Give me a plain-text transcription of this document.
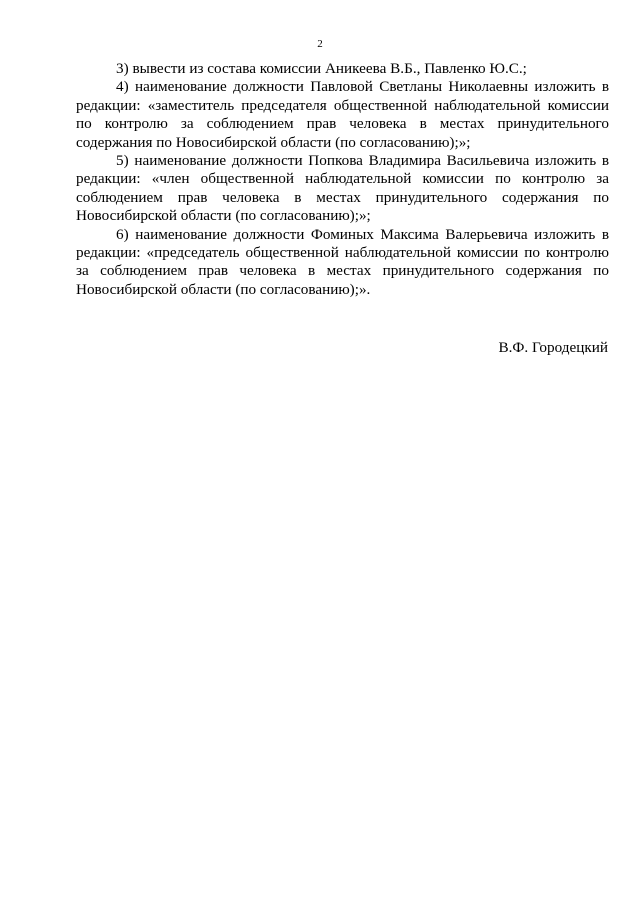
2

3) вывести из состава комиссии Аникеева В.Б., Павленко Ю.С.;

4) наименование должности Павловой Светланы Николаевны изложить в редакции: «заместитель председателя общественной наблюдательной комиссии по контролю за соблюдением прав человека в местах принудительного содержания по Новосибирской области (по согласованию);»;

5) наименование должности Попкова Владимира Васильевича изложить в редакции: «член общественной наблюдательной комиссии по контролю за соблюдением прав человека в местах принудительного содержания по Новосибирской области (по согласованию);»;

6) наименование должности Фоминых Максима Валерьевича изложить в редакции: «председатель общественной наблюдательной комиссии по контролю за соблюдением прав человека в местах принудительного содержания по Новосибирской области (по согласованию);».

В.Ф. Городецкий
